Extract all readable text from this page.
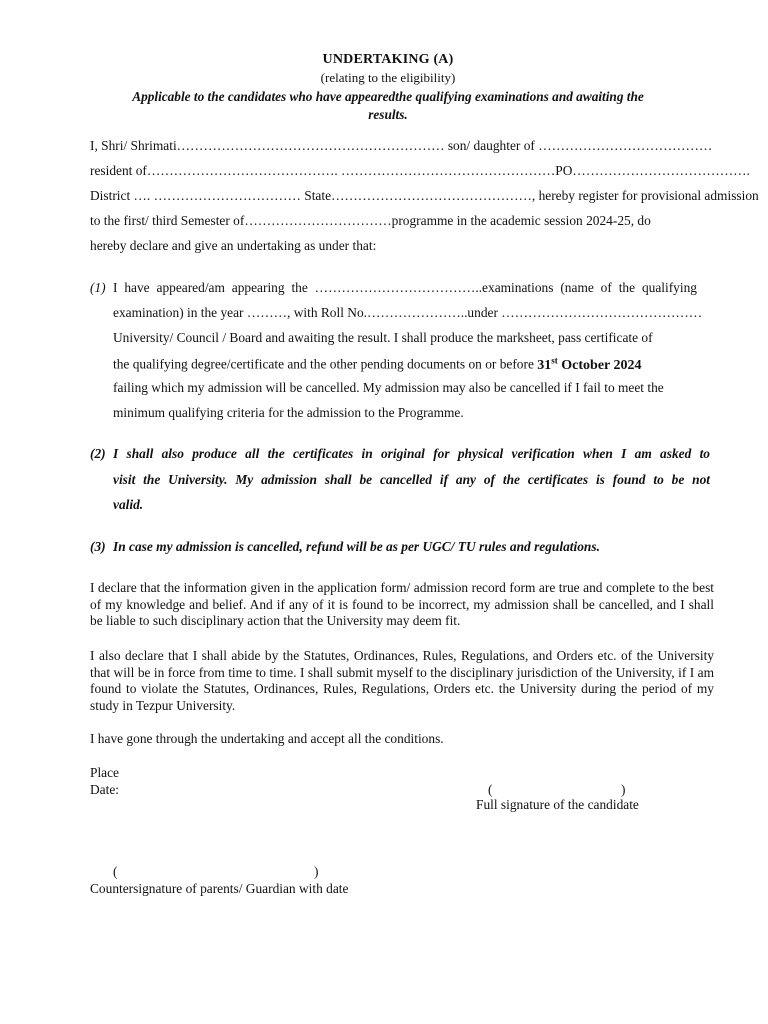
UNDERTAKING (A)
(relating to the eligibility)
Applicable to the candidates who have appearedthe qualifying examinations and awaiting the
results.
I, Shri/ Shrimati…………………………………………………… son/ daughter of …………………………………
resident of……………………………………. …………………………………………PO………………………………….
District …. …………………………… State………………………………………, hereby register for provisional admission
to the first/ third Semester of……………………………programme in the academic session 2024-25, do
hereby declare and give an undertaking as under that:
(1) I have appeared/am appearing the ………………………………..examinations (name of the qualifying
examination) in the year ………, with Roll No.…………………..under ………………………………………
University/ Council / Board and awaiting the result. I shall produce the marksheet, pass certificate of
the qualifying degree/certificate and the other pending documents on or before 31st October 2024
failing which my admission will be cancelled. My admission may also be cancelled if I fail to meet the
minimum qualifying criteria for the admission to the Programme.
(2) I shall also produce all the certificates in original for physical verification when I am asked to
visit the University. My admission shall be cancelled if any of the certificates is found to be not
valid.
(3) In case my admission is cancelled, refund will be as per UGC/ TU rules and regulations.
I declare that the information given in the application form/ admission record form are true and complete to the best of my knowledge and belief. And if any of it is found to be incorrect, my admission shall be cancelled, and I shall be liable to such disciplinary action that the University may deem fit.
I also declare that I shall abide by the Statutes, Ordinances, Rules, Regulations, and Orders etc. of the University that will be in force from time to time. I shall submit myself to the disciplinary jurisdiction of the University, if I am found to violate the Statutes, Ordinances, Rules, Regulations, Orders etc. the University during the period of my study in Tezpur University.
I have gone through the undertaking and accept all the conditions.
Place
Date:	(	)
Full signature of the candidate
(	)
Countersignature of parents/ Guardian with date
